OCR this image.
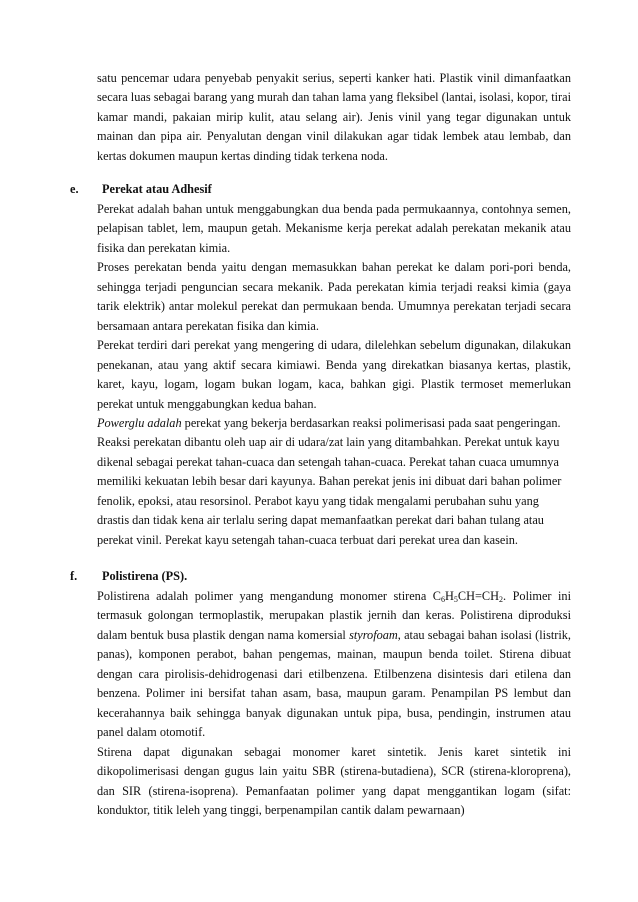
satu pencemar udara penyebab penyakit serius, seperti kanker hati. Plastik vinil dimanfaatkan secara luas sebagai barang yang murah dan tahan lama yang fleksibel (lantai, isolasi, kopor, tirai kamar mandi, pakaian mirip kulit, atau selang air). Jenis vinil yang tegar digunakan untuk mainan dan pipa air. Penyalutan dengan vinil dilakukan agar tidak lembek atau lembab, dan kertas dokumen maupun kertas dinding tidak terkena noda.

e. Perekat atau Adhesif

Perekat adalah bahan untuk menggabungkan dua benda pada permukaannya, contohnya semen, pelapisan tablet, lem, maupun getah. Mekanisme kerja perekat adalah perekatan mekanik atau fisika dan perekatan kimia.

Proses perekatan benda yaitu dengan memasukkan bahan perekat ke dalam pori-pori benda, sehingga terjadi penguncian secara mekanik. Pada perekatan kimia terjadi reaksi kimia (gaya tarik elektrik) antar molekul perekat dan permukaan benda. Umumnya perekatan terjadi secara bersamaan antara perekatan fisika dan kimia.

Perekat terdiri dari perekat yang mengering di udara, dilelehkan sebelum digunakan, dilakukan penekanan, atau yang aktif secara kimiawi. Benda yang direkatkan biasanya kertas, plastik, karet, kayu, logam, logam bukan logam, kaca, bahkan gigi. Plastik termoset memerlukan perekat untuk menggabungkan kedua bahan.

Powerglu adalah perekat yang bekerja berdasarkan reaksi polimerisasi pada saat pengeringan. Reaksi perekatan dibantu oleh uap air di udara/zat lain yang ditambahkan. Perekat untuk kayu dikenal sebagai perekat tahan-cuaca dan setengah tahan-cuaca. Perekat tahan cuaca umumnya memiliki kekuatan lebih besar dari kayunya. Bahan perekat jenis ini dibuat dari bahan polimer fenolik, epoksi, atau resorsinol. Perabot kayu yang tidak mengalami perubahan suhu yang drastis dan tidak kena air terlalu sering dapat memanfaatkan perekat dari bahan tulang atau perekat vinil. Perekat kayu setengah tahan-cuaca terbuat dari perekat urea dan kasein.

f. Polistirena (PS).

Polistirena adalah polimer yang mengandung monomer stirena $C_6H_5CH=CH_2$. Polimer ini termasuk golongan termoplastik, merupakan plastik jernih dan keras. Polistirena diproduksi dalam bentuk busa plastik dengan nama komersial styrofoam, atau sebagai bahan isolasi (listrik, panas), komponen perabot, bahan pengemas, mainan, maupun benda toilet. Stirena dibuat dengan cara pirolisis-dehidrogenasi dari etilbenzena. Etilbenzena disintesis dari etilena dan benzena. Polimer ini bersifat tahan asam, basa, maupun garam. Penampilan PS lembut dan kecerahannya baik sehingga banyak digunakan untuk pipa, busa, pendingin, instrumen atau panel dalam otomotif.

Stirena dapat digunakan sebagai monomer karet sintetik. Jenis karet sintetik ini dikopolimerisasi dengan gugus lain yaitu SBR (stirena-butadiena), SCR (stirena-kloroprena), dan SIR (stirena-isoprena). Pemanfaatan polimer yang dapat menggantikan logam (sifat: konduktor, titik leleh yang tinggi, berpenampilan cantik dalam pewarnaan)
